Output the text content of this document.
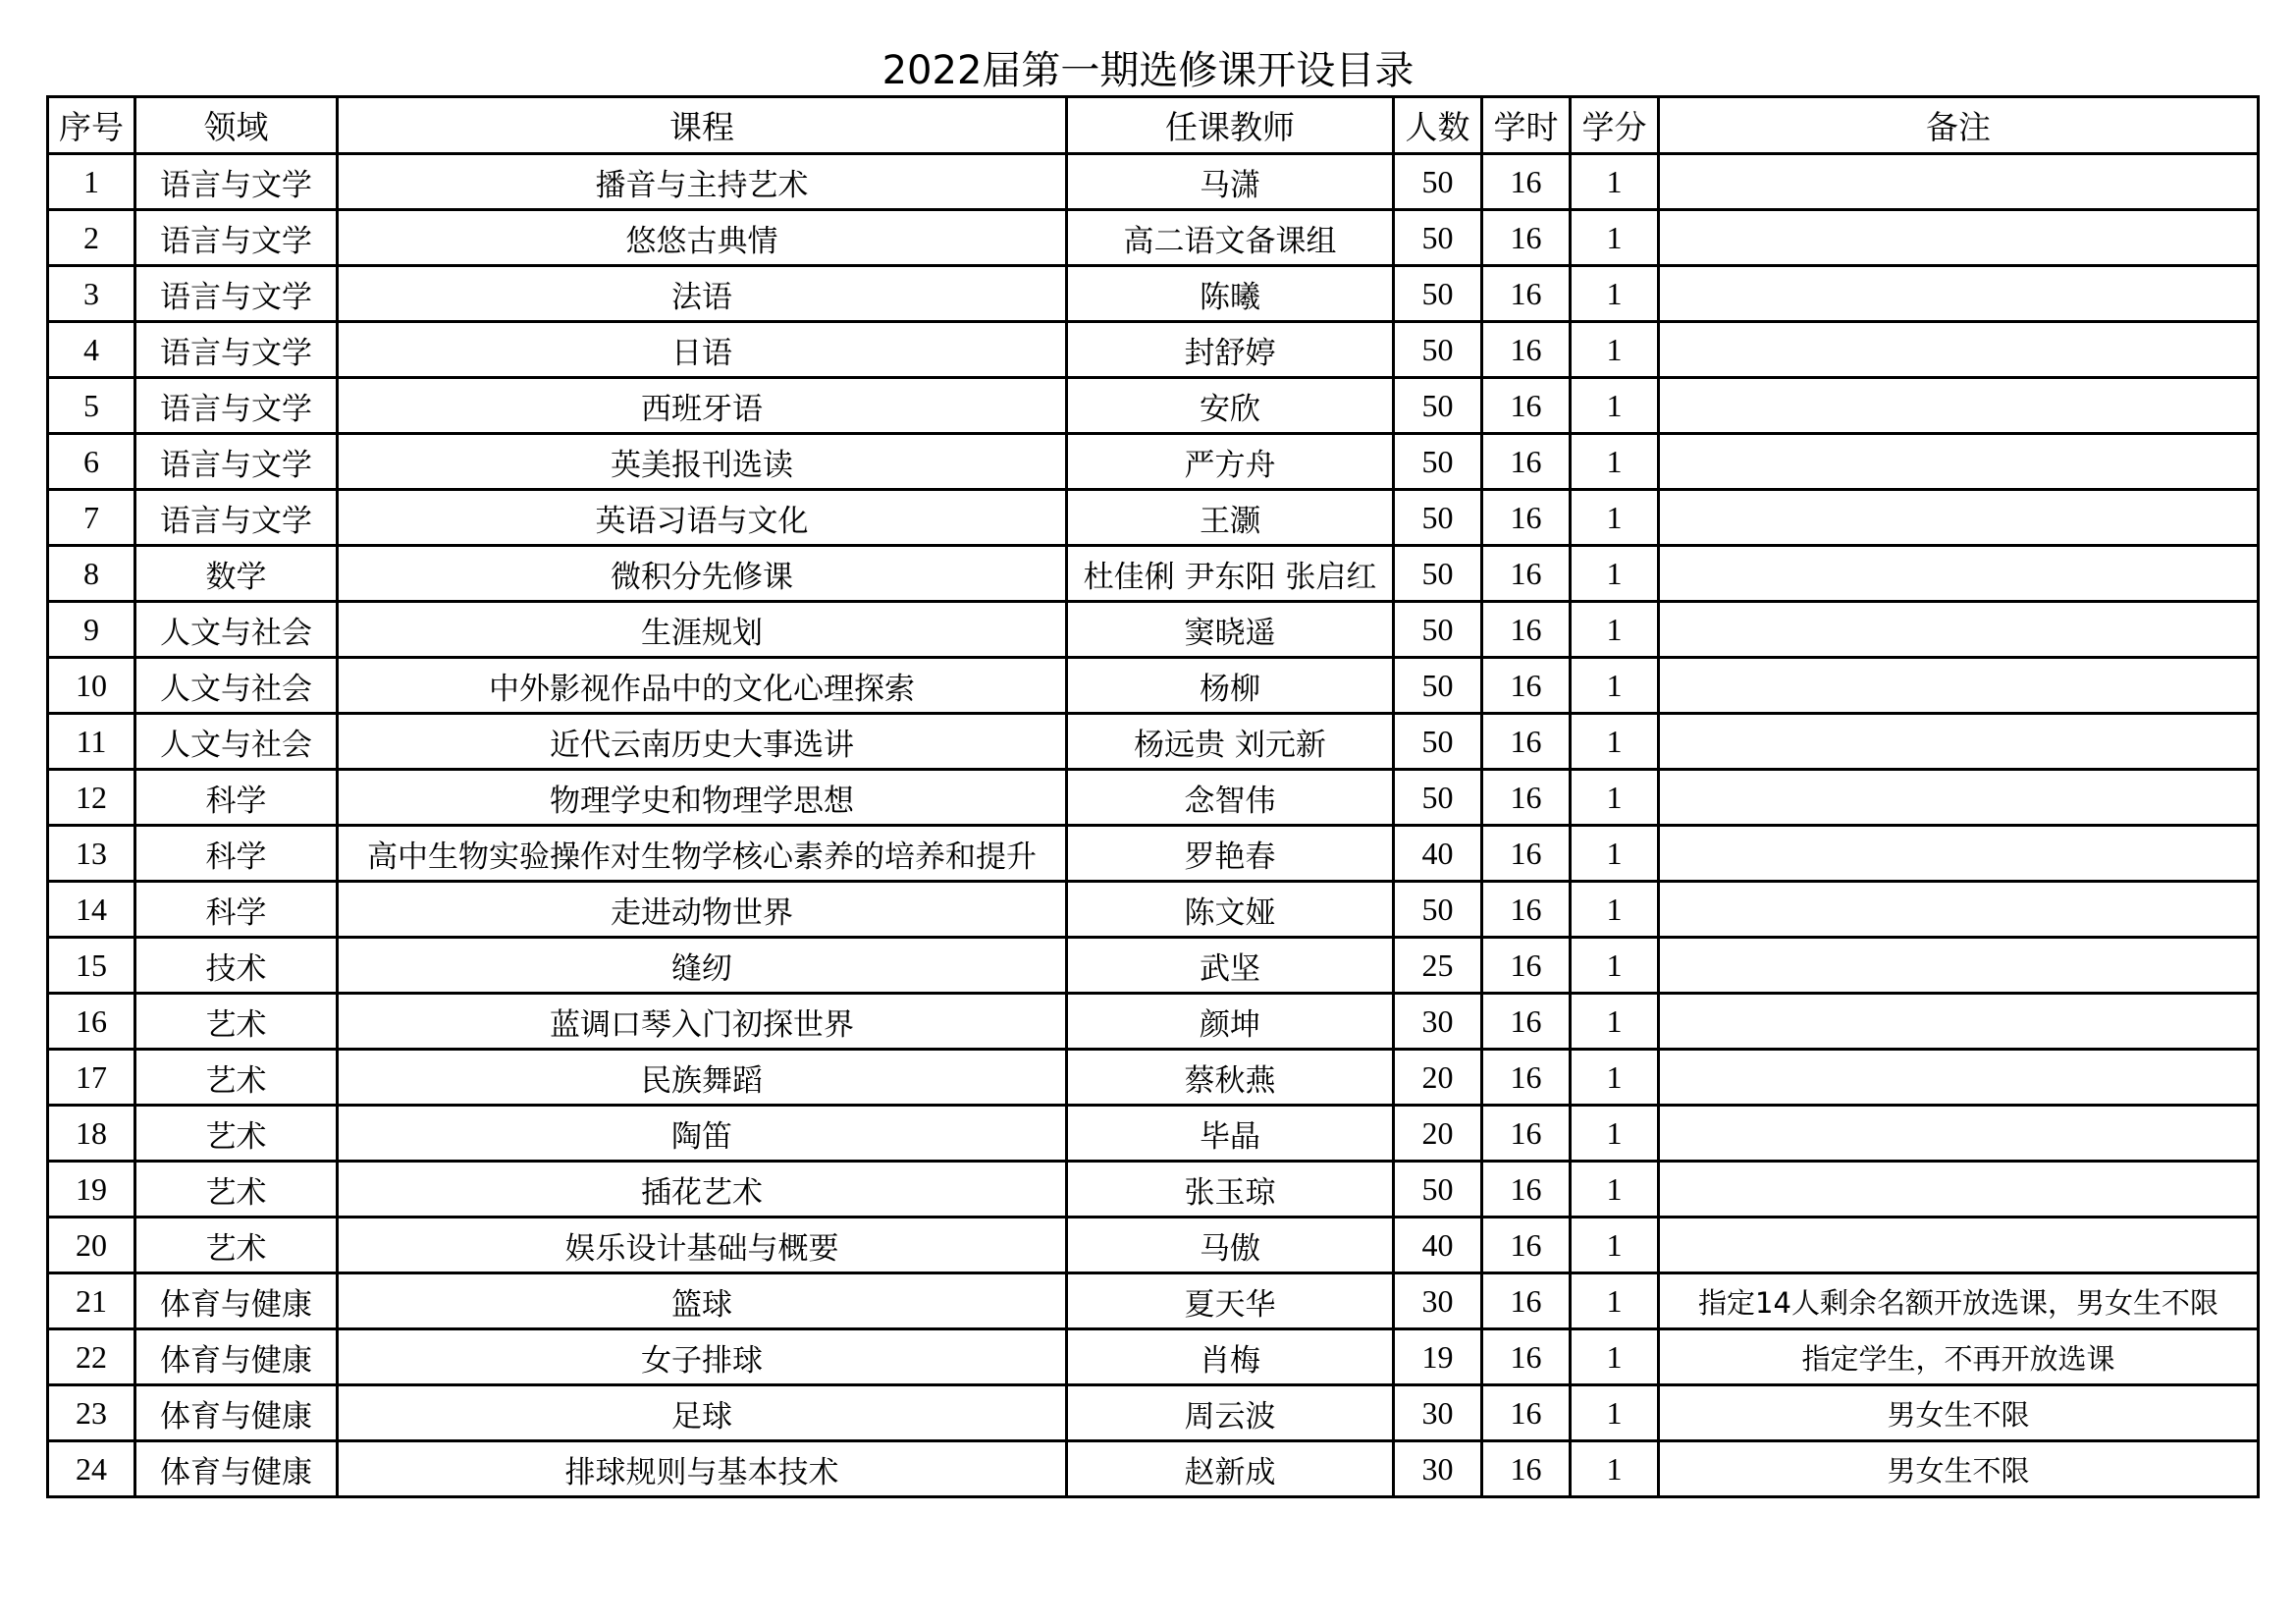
2022届第一期选修课开设目录
序号	领域	课程	任课教师	人数	学时	学分	备注
1	语言与文学	播音与主持艺术	马潇	50	16	1	
2	语言与文学	悠悠古典情	高二语文备课组	50	16	1	
3	语言与文学	法语	陈曦	50	16	1	
4	语言与文学	日语	封舒婷	50	16	1	
5	语言与文学	西班牙语	安欣	50	16	1	
6	语言与文学	英美报刊选读	严方舟	50	16	1	
7	语言与文学	英语习语与文化	王灏	50	16	1	
8	数学	微积分先修课	杜佳俐 尹东阳 张启红	50	16	1	
9	人文与社会	生涯规划	窦晓遥	50	16	1	
10	人文与社会	中外影视作品中的文化心理探索	杨柳	50	16	1	
11	人文与社会	近代云南历史大事选讲	杨远贵 刘元新	50	16	1	
12	科学	物理学史和物理学思想	念智伟	50	16	1	
13	科学	高中生物实验操作对生物学核心素养的培养和提升	罗艳春	40	16	1	
14	科学	走进动物世界	陈文娅	50	16	1	
15	技术	缝纫	武坚	25	16	1	
16	艺术	蓝调口琴入门初探世界	颜坤	30	16	1	
17	艺术	民族舞蹈	蔡秋燕	20	16	1	
18	艺术	陶笛	毕晶	20	16	1	
19	艺术	插花艺术	张玉琼	50	16	1	
20	艺术	娱乐设计基础与概要	马傲	40	16	1	
21	体育与健康	篮球	夏天华	30	16	1	指定14人剩余名额开放选课，男女生不限
22	体育与健康	女子排球	肖梅	19	16	1	指定学生，不再开放选课
23	体育与健康	足球	周云波	30	16	1	男女生不限
24	体育与健康	排球规则与基本技术	赵新成	30	16	1	男女生不限
